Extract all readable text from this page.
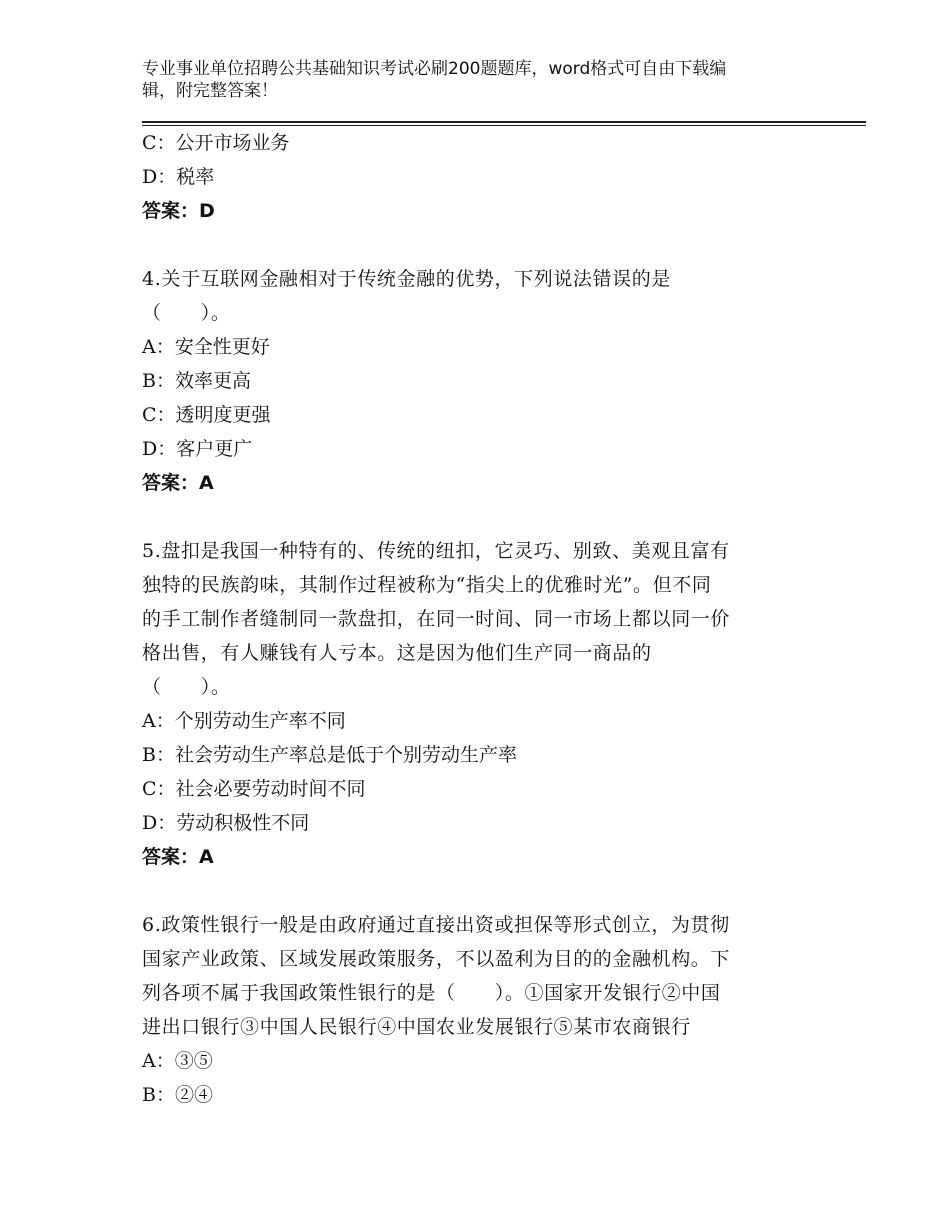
专业事业单位招聘公共基础知识考试必刷200题题库，word格式可自由下载编
辑，附完整答案！
C：公开市场业务
D：税率
答案：D
4.关于互联网金融相对于传统金融的优势，下列说法错误的是
（　　）。
A：安全性更好
B：效率更高
C：透明度更强
D：客户更广
答案：A
5.盘扣是我国一种特有的、传统的纽扣，它灵巧、别致、美观且富有
独特的民族韵味，其制作过程被称为“指尖上的优雅时光”。但不同
的手工制作者缝制同一款盘扣，在同一时间、同一市场上都以同一价
格出售，有人赚钱有人亏本。这是因为他们生产同一商品的
（　　）。
A：个别劳动生产率不同
B：社会劳动生产率总是低于个别劳动生产率
C：社会必要劳动时间不同
D：劳动积极性不同
答案：A
6.政策性银行一般是由政府通过直接出资或担保等形式创立，为贯彻
国家产业政策、区域发展政策服务，不以盈利为目的的金融机构。下
列各项不属于我国政策性银行的是（　　）。①国家开发银行②中国
进出口银行③中国人民银行④中国农业发展银行⑤某市农商银行
A：③⑤
B：②④
